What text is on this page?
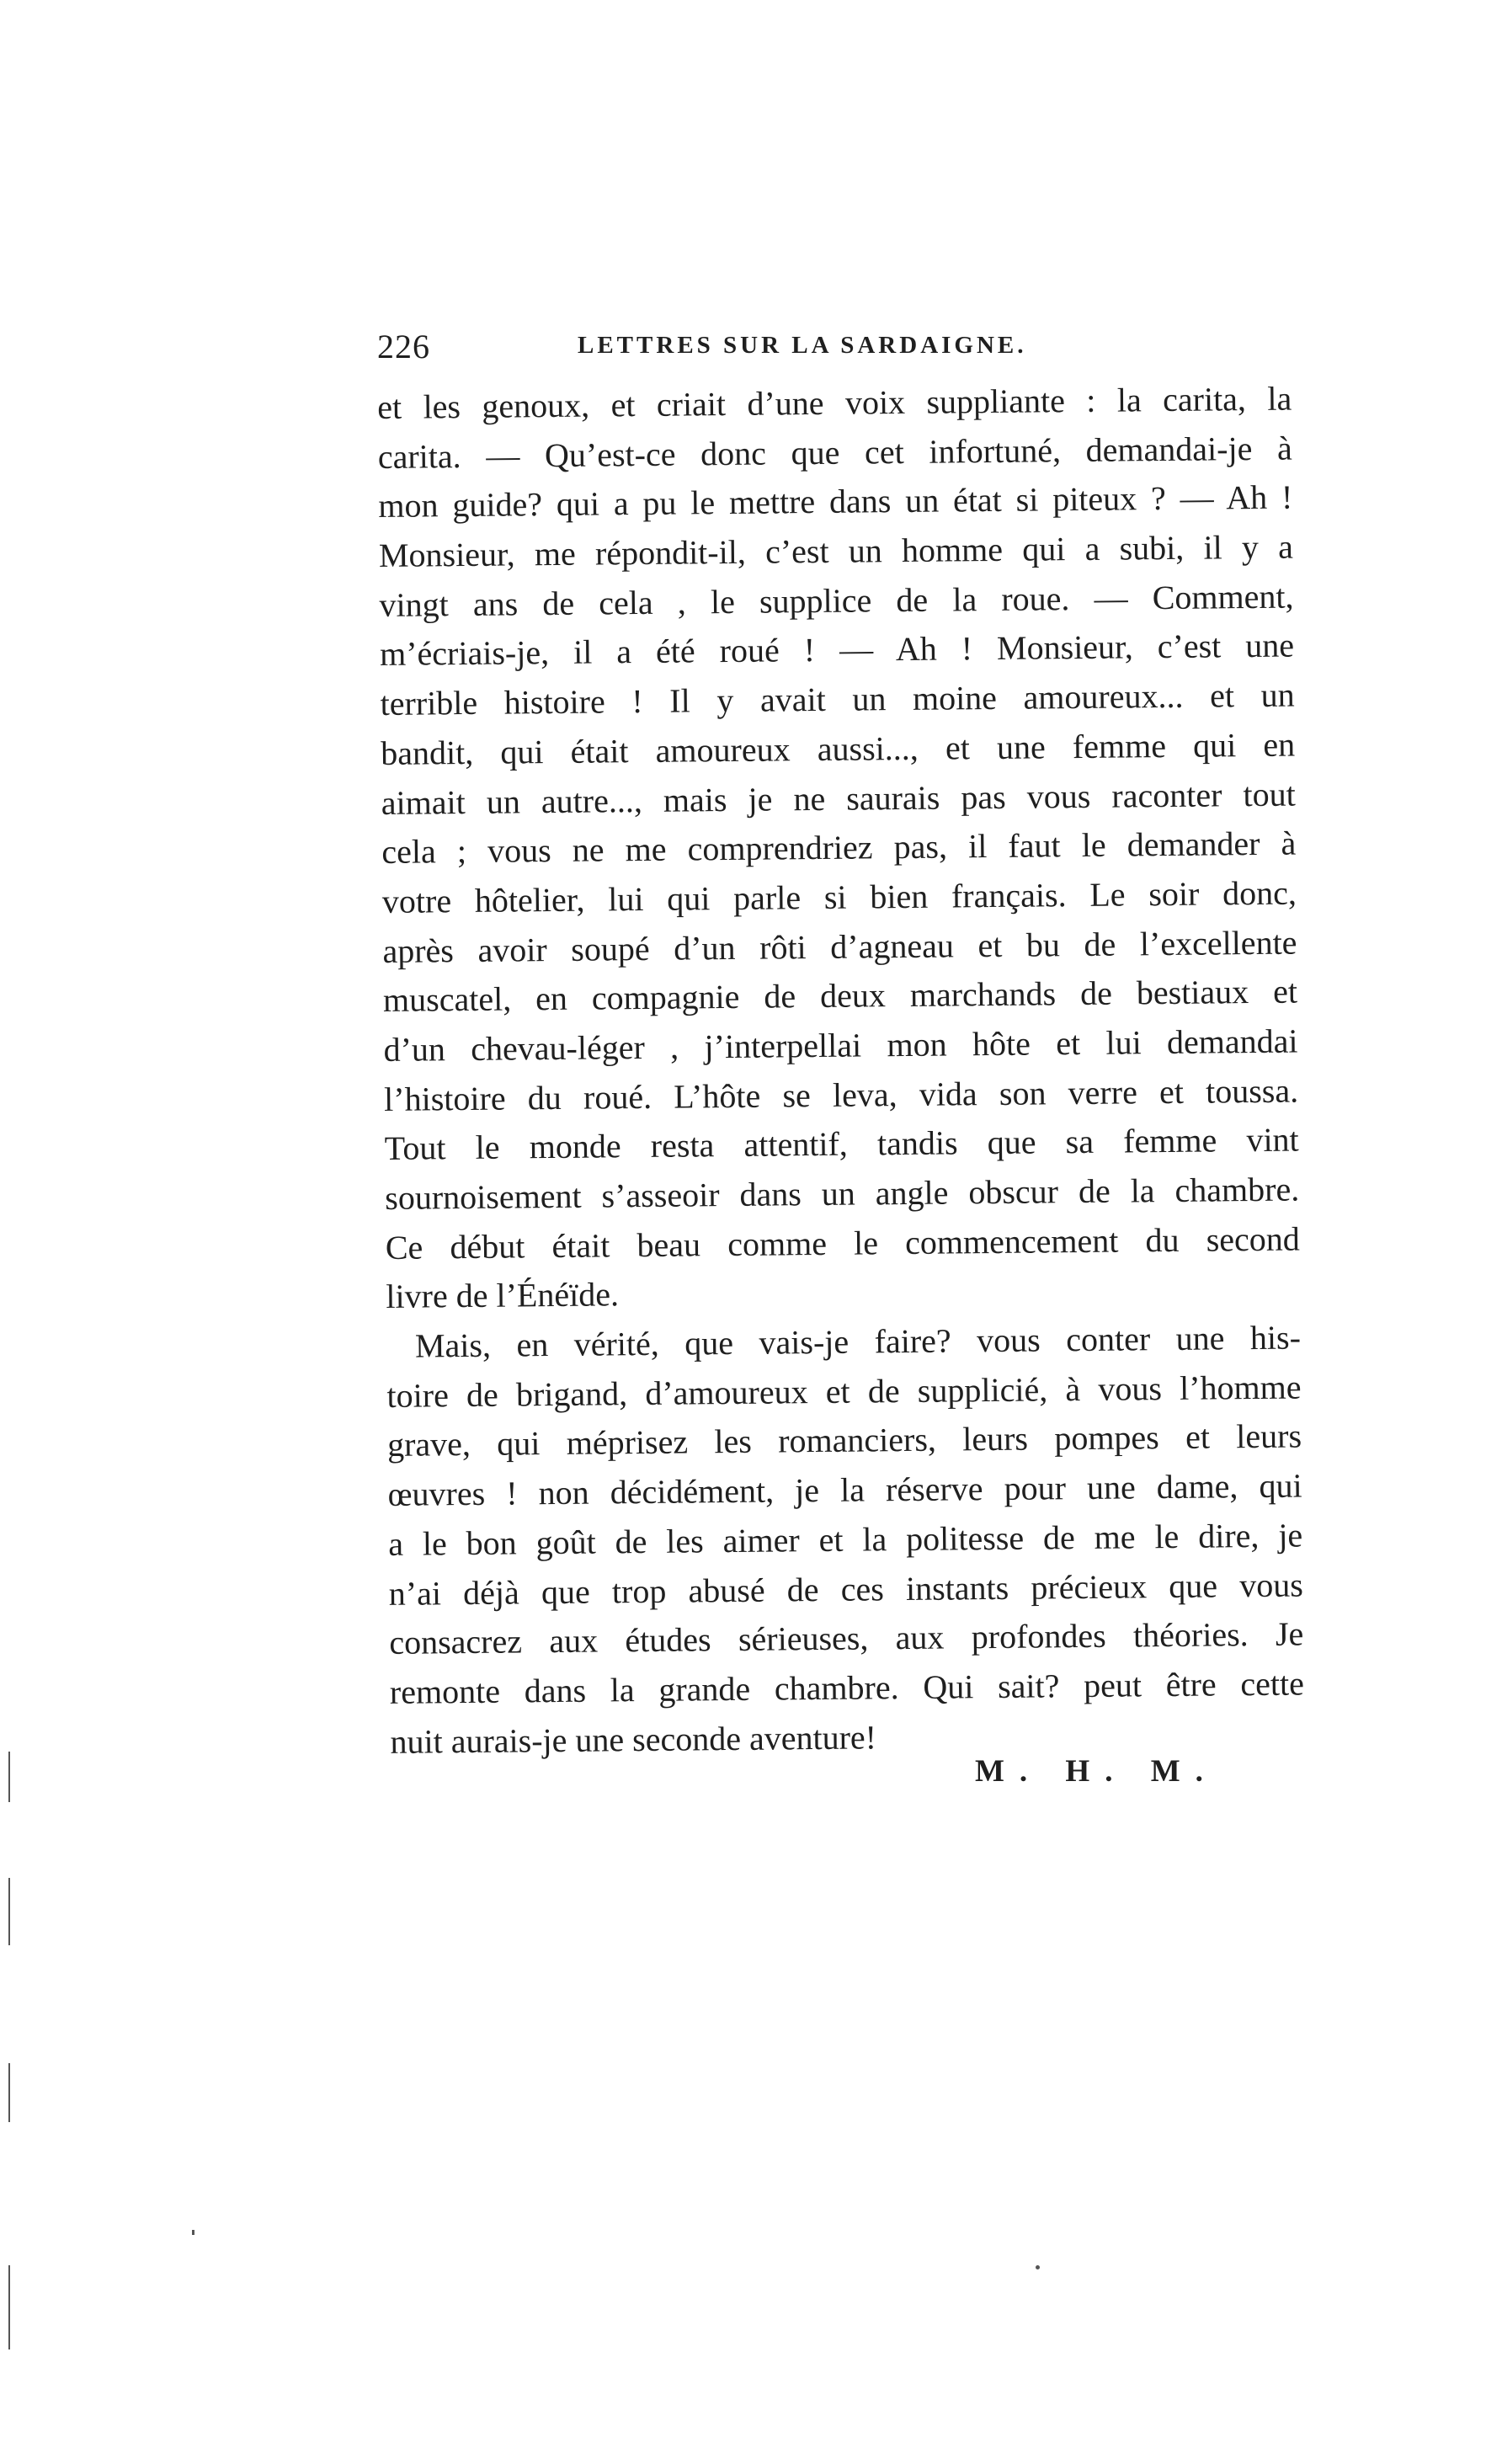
226	LETTRES SUR LA SARDAIGNE.
et les genoux, et criait d’une voix suppliante : la carita, la
carita. — Qu’est-ce donc que cet infortuné, demandai-je à
mon guide? qui a pu le mettre dans un état si piteux ? — Ah !
Monsieur, me répondit-il, c’est un homme qui a subi, il y a
vingt ans de cela , le supplice de la roue. — Comment,
m’écriais-je, il a été roué ! — Ah ! Monsieur, c’est une
terrible histoire ! Il y avait un moine amoureux... et un
bandit, qui était amoureux aussi..., et une femme qui en
aimait un autre..., mais je ne saurais pas vous raconter tout
cela ; vous ne me comprendriez pas, il faut le demander à
votre hôtelier, lui qui parle si bien français. Le soir donc,
après avoir soupé d’un rôti d’agneau et bu de l’excellente
muscatel, en compagnie de deux marchands de bestiaux et
d’un chevau-léger , j’interpellai mon hôte et lui demandai
l’histoire du roué. L’hôte se leva, vida son verre et toussa.
Tout le monde resta attentif, tandis que sa femme vint
sournoisement s’asseoir dans un angle obscur de la chambre.
Ce début était beau comme le commencement du second
livre de l’Énéïde.
Mais, en vérité, que vais-je faire? vous conter une his-
toire de brigand, d’amoureux et de supplicié, à vous l’homme
grave, qui méprisez les romanciers, leurs pompes et leurs
œuvres ! non décidément, je la réserve pour une dame, qui
a le bon goût de les aimer et la politesse de me le dire, je
n’ai déjà que trop abusé de ces instants précieux que vous
consacrez aux études sérieuses, aux profondes théories. Je
remonte dans la grande chambre. Qui sait? peut être cette
nuit aurais-je une seconde aventure!
M. H. M.
